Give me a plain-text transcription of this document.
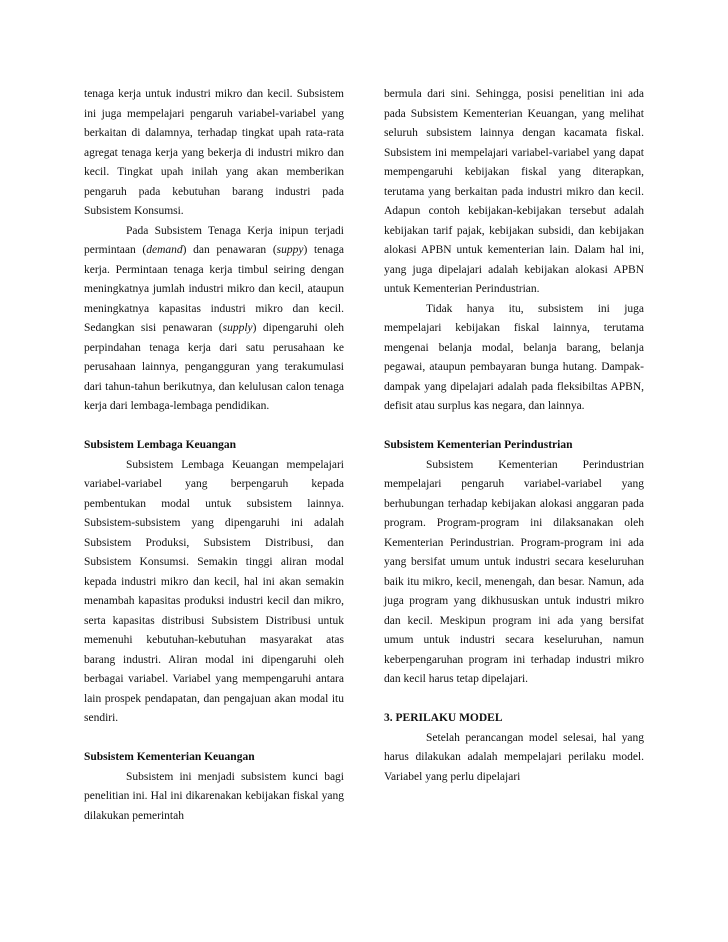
tenaga kerja untuk industri mikro dan kecil. Subsistem ini juga mempelajari pengaruh variabel-variabel yang berkaitan di dalamnya, terhadap tingkat upah rata-rata agregat tenaga kerja yang bekerja di industri mikro dan kecil. Tingkat upah inilah yang akan memberikan pengaruh pada kebutuhan barang industri pada Subsistem Konsumsi.

Pada Subsistem Tenaga Kerja inipun terjadi permintaan (demand) dan penawaran (suppy) tenaga kerja. Permintaan tenaga kerja timbul seiring dengan meningkatnya jumlah industri mikro dan kecil, ataupun meningkatnya kapasitas industri mikro dan kecil. Sedangkan sisi penawaran (supply) dipengaruhi oleh perpindahan tenaga kerja dari satu perusahaan ke perusahaan lainnya, pengangguran yang terakumulasi dari tahun-tahun berikutnya, dan kelulusan calon tenaga kerja dari lembaga-lembaga pendidikan.

Subsistem Lembaga Keuangan

Subsistem Lembaga Keuangan mempelajari variabel-variabel yang berpengaruh kepada pembentukan modal untuk subsistem lainnya. Subsistem-subsistem yang dipengaruhi ini adalah Subsistem Produksi, Subsistem Distribusi, dan Subsistem Konsumsi. Semakin tinggi aliran modal kepada industri mikro dan kecil, hal ini akan semakin menambah kapasitas produksi industri kecil dan mikro, serta kapasitas distribusi Subsistem Distribusi untuk memenuhi kebutuhan-kebutuhan masyarakat atas barang industri. Aliran modal ini dipengaruhi oleh berbagai variabel. Variabel yang mempengaruhi antara lain prospek pendapatan, dan pengajuan akan modal itu sendiri.

Subsistem Kementerian Keuangan

Subsistem ini menjadi subsistem kunci bagi penelitian ini. Hal ini dikarenakan kebijakan fiskal yang dilakukan pemerintah

bermula dari sini. Sehingga, posisi penelitian ini ada pada Subsistem Kementerian Keuangan, yang melihat seluruh subsistem lainnya dengan kacamata fiskal. Subsistem ini mempelajari variabel-variabel yang dapat mempengaruhi kebijakan fiskal yang diterapkan, terutama yang berkaitan pada industri mikro dan kecil. Adapun contoh kebijakan-kebijakan tersebut adalah kebijakan tarif pajak, kebijakan subsidi, dan kebijakan alokasi APBN untuk kementerian lain. Dalam hal ini, yang juga dipelajari adalah kebijakan alokasi APBN untuk Kementerian Perindustrian.

Tidak hanya itu, subsistem ini juga mempelajari kebijakan fiskal lainnya, terutama mengenai belanja modal, belanja barang, belanja pegawai, ataupun pembayaran bunga hutang. Dampak-dampak yang dipelajari adalah pada fleksibiltas APBN, defisit atau surplus kas negara, dan lainnya.

Subsistem Kementerian Perindustrian

Subsistem Kementerian Perindustrian mempelajari pengaruh variabel-variabel yang berhubungan terhadap kebijakan alokasi anggaran pada program. Program-program ini dilaksanakan oleh Kementerian Perindustrian. Program-program ini ada yang bersifat umum untuk industri secara keseluruhan baik itu mikro, kecil, menengah, dan besar. Namun, ada juga program yang dikhususkan untuk industri mikro dan kecil. Meskipun program ini ada yang bersifat umum untuk industri secara keseluruhan, namun keberpengaruhan program ini terhadap industri mikro dan kecil harus tetap dipelajari.

3. PERILAKU MODEL

Setelah perancangan model selesai, hal yang harus dilakukan adalah mempelajari perilaku model. Variabel yang perlu dipelajari
